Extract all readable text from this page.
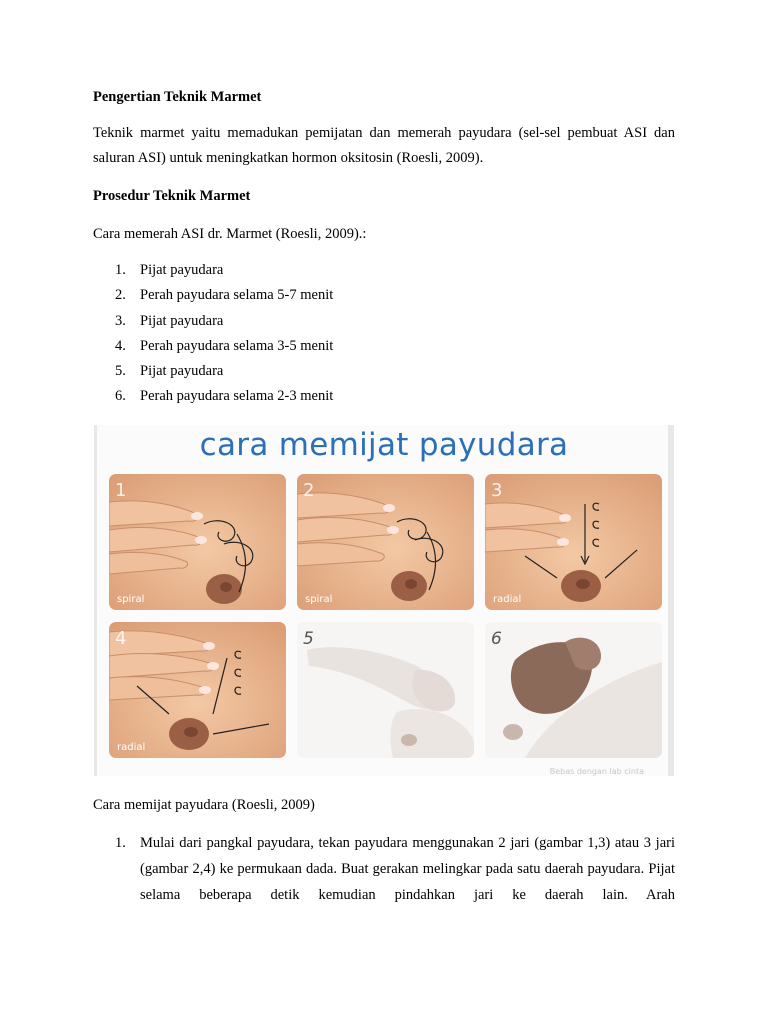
Pengertian Teknik Marmet
Teknik marmet yaitu memadukan pemijatan dan memerah payudara (sel-sel pembuat ASI dan saluran ASI) untuk meningkatkan hormon oksitosin (Roesli, 2009).
Prosedur Teknik Marmet
Cara memerah ASI dr. Marmet (Roesli, 2009).:
1. Pijat payudara
2. Perah payudara selama 5-7 menit
3. Pijat payudara
4. Perah payudara selama 3-5 menit
5. Pijat payudara
6. Perah payudara selama 2-3 menit
cara memijat payudara
1
spiral
2
spiral
3
radial
4
radial
5	6
Bebas dengan lab cinta
Cara memijat payudara (Roesli, 2009)
1. Mulai dari pangkal payudara, tekan payudara menggunakan 2 jari (gambar 1,3) atau 3 jari (gambar 2,4) ke permukaan dada. Buat gerakan melingkar pada satu daerah payudara. Pijat selama beberapa detik kemudian pindahkan jari ke daerah lain. Arah
